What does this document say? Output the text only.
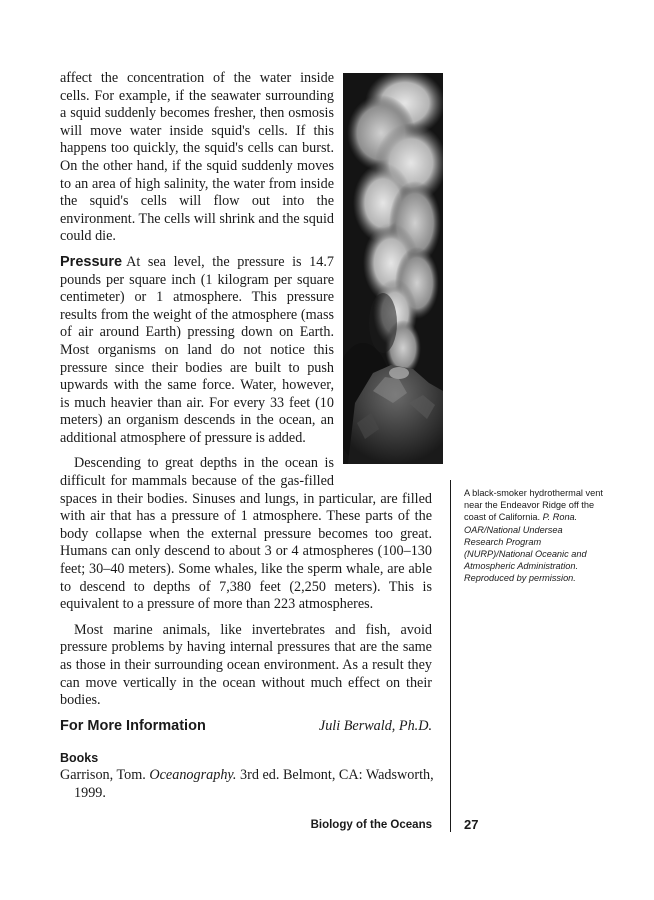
affect the concentration of the water inside cells. For example, if the seawater surrounding a squid suddenly becomes fresher, then osmosis will move water inside squid's cells. If this happens too quickly, the squid's cells can burst. On the other hand, if the squid suddenly moves to an area of high salinity, the water from inside the squid's cells will flow out into the environment. The cells will shrink and the squid could die.

Pressure At sea level, the pressure is 14.7 pounds per square inch (1 kilogram per square centimeter) or 1 atmosphere. This pressure results from the weight of the atmosphere (mass of air around Earth) pressing down on Earth. Most organisms on land do not notice this pressure since their bodies are built to push upwards with the same force. Water, however, is much heavier than air. For every 33 feet (10 meters) an organism descends in the ocean, an additional atmosphere of pressure is added.

Descending to great depths in the ocean is difficult for mammals because of the gas-filled spaces in their bodies. Sinuses and lungs, in particular, are filled with air that has a pressure of 1 atmosphere. These parts of the body collapse when the external pressure becomes too great. Humans can only descend to about 3 or 4 atmospheres (100–130 feet; 30–40 meters). Some whales, like the sperm whale, are able to descend to depths of 7,380 feet (2,250 meters). This is equivalent to a pressure of more than 223 atmospheres.

Most marine animals, like invertebrates and fish, avoid pressure problems by having internal pressures that are the same as those in their surrounding ocean environment. As a result they can move vertically in the ocean without much effect on their bodies.

Juli Berwald, Ph.D.

For More Information
Books
Garrison, Tom. Oceanography. 3rd ed. Belmont, CA: Wadsworth, 1999.
A black-smoker hydrothermal vent near the Endeavor Ridge off the coast of California. P. Rona. OAR/National Undersea Research Program (NURP)/National Oceanic and Atmospheric Administration. Reproduced by permission.
Biology of the Oceans 27
